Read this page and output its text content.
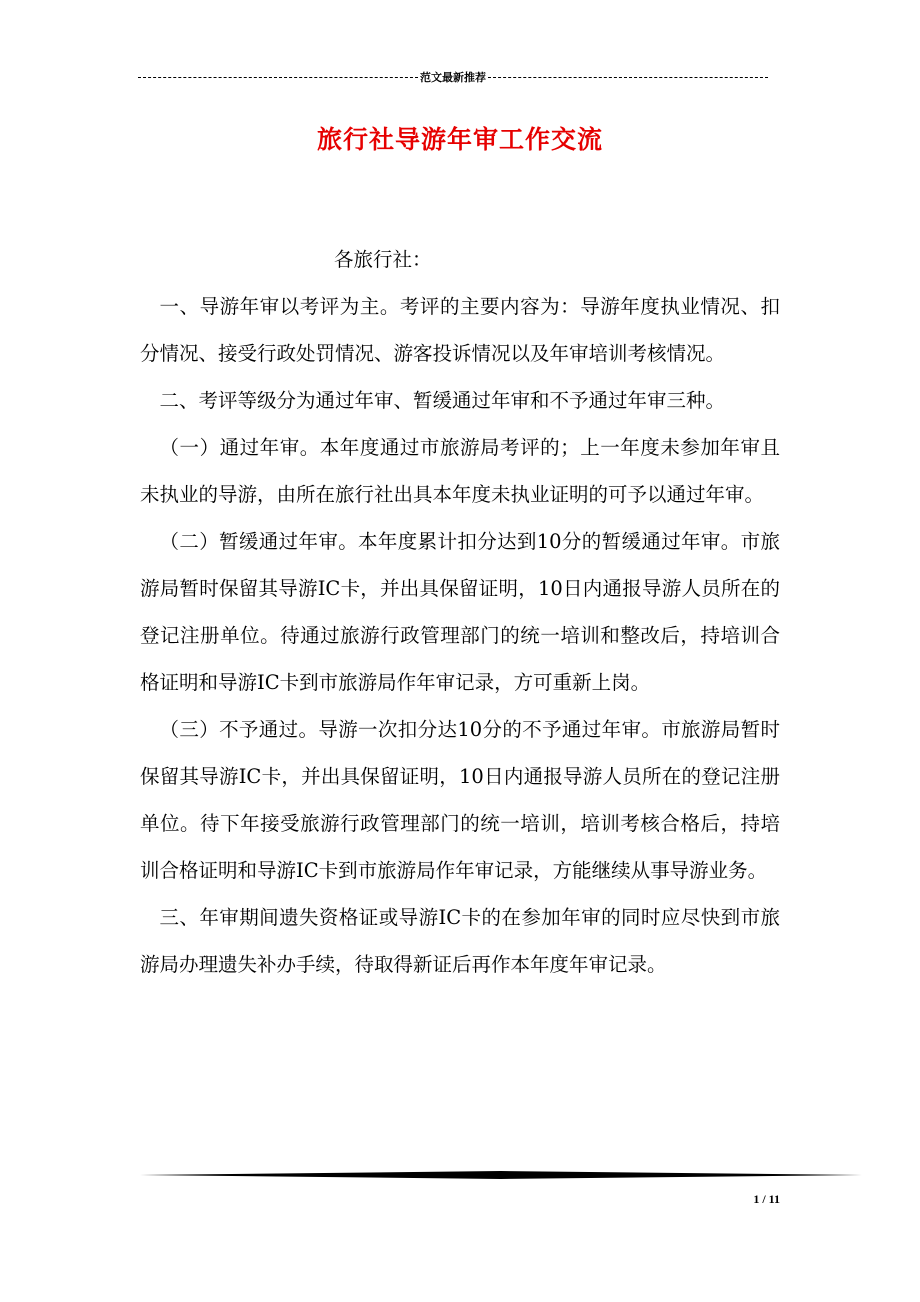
范文最新推荐
旅行社导游年审工作交流

各旅行社：

一、导游年审以考评为主。考评的主要内容为：导游年度执业情况、扣分情况、接受行政处罚情况、游客投诉情况以及年审培训考核情况。

二、考评等级分为通过年审、暂缓通过年审和不予通过年审三种。

（一）通过年审。本年度通过市旅游局考评的；上一年度未参加年审且未执业的导游，由所在旅行社出具本年度未执业证明的可予以通过年审。

（二）暂缓通过年审。本年度累计扣分达到10分的暂缓通过年审。市旅游局暂时保留其导游IC卡，并出具保留证明，10日内通报导游人员所在的登记注册单位。待通过旅游行政管理部门的统一培训和整改后，持培训合格证明和导游IC卡到市旅游局作年审记录，方可重新上岗。

（三）不予通过。导游一次扣分达10分的不予通过年审。市旅游局暂时保留其导游IC卡，并出具保留证明，10日内通报导游人员所在的登记注册单位。待下年接受旅游行政管理部门的统一培训，培训考核合格后，持培训合格证明和导游IC卡到市旅游局作年审记录，方能继续从事导游业务。

三、年审期间遗失资格证或导游IC卡的在参加年审的同时应尽快到市旅游局办理遗失补办手续，待取得新证后再作本年度年审记录。

1 / 11
